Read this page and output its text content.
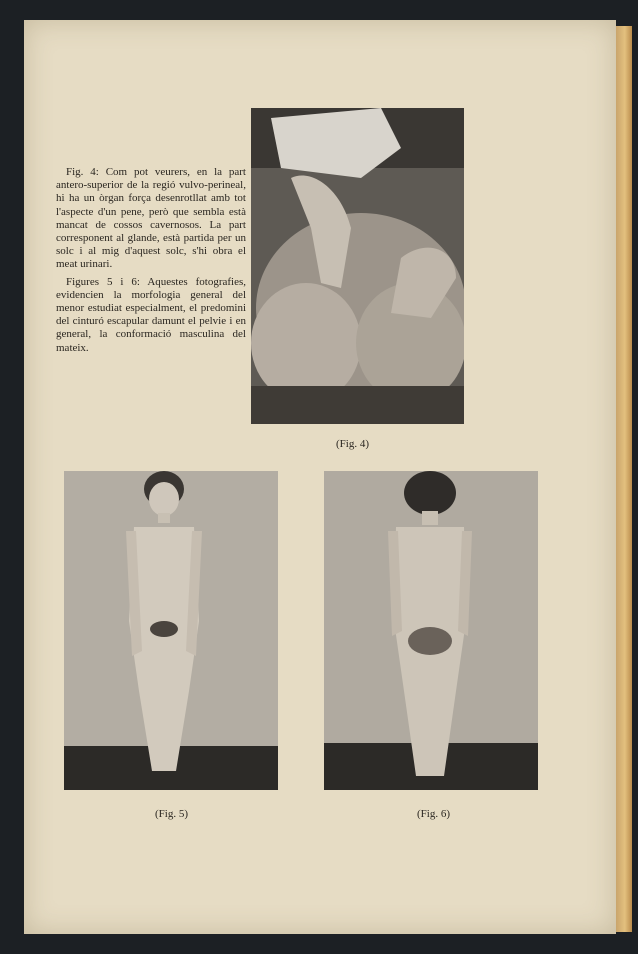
Fig. 4: Com pot veurers, en la part antero-superior de la regió vulvo-perineal, hi ha un òrgan força desenrotllat amb tot l'aspecte d'un pene, però que sembla està mancat de cossos cavernosos. La part corresponent al glande, està partida per un solc i al mig d'aquest solc, s'hi obra el meat urinari.

Figures 5 i 6: Aquestes fotografies, evidencien la morfologia general del menor estudiat especialment, el predomini del cinturó escapular damunt el pelvie i en general, la conformació masculina del mateix.

(Fig. 4)
(Fig. 5)	(Fig. 6)
